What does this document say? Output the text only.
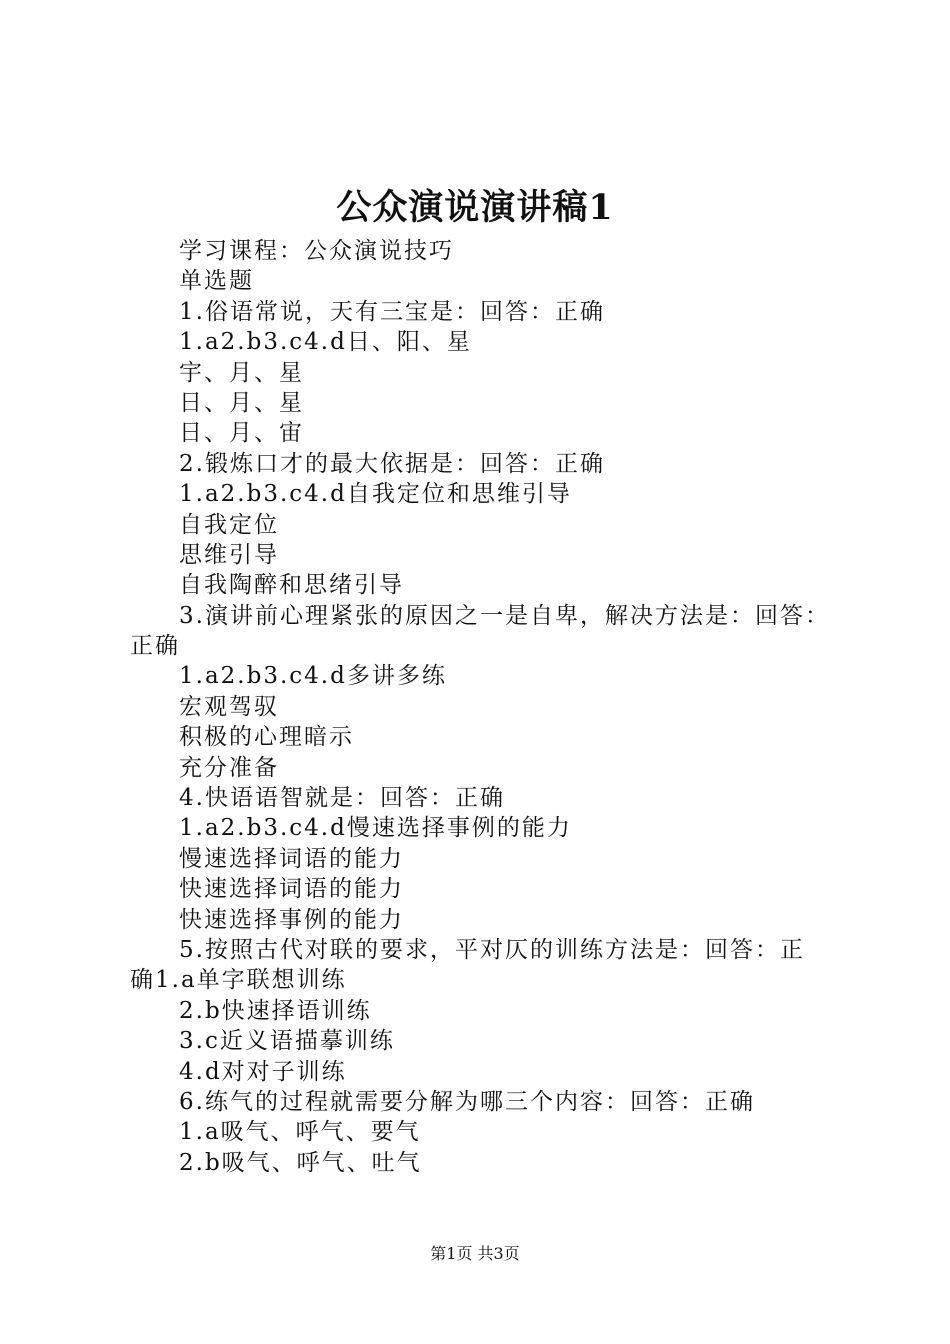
公众演说演讲稿1
学习课程：公众演说技巧
单选题
1.俗语常说，天有三宝是：回答：正确
1.a2.b3.c4.d日、阳、星
宇、月、星
日、月、星
日、月、宙
2.锻炼口才的最大依据是：回答：正确
1.a2.b3.c4.d自我定位和思维引导
自我定位
思维引导
自我陶醉和思绪引导
3.演讲前心理紧张的原因之一是自卑，解决方法是：回答：
正确
1.a2.b3.c4.d多讲多练
宏观驾驭
积极的心理暗示
充分准备
4.快语语智就是：回答：正确
1.a2.b3.c4.d慢速选择事例的能力
慢速选择词语的能力
快速选择词语的能力
快速选择事例的能力
5.按照古代对联的要求，平对仄的训练方法是：回答：正
确1.a单字联想训练
2.b快速择语训练
3.c近义语描摹训练
4.d对对子训练
6.练气的过程就需要分解为哪三个内容：回答：正确
1.a吸气、呼气、要气
2.b吸气、呼气、吐气
第1页 共3页
